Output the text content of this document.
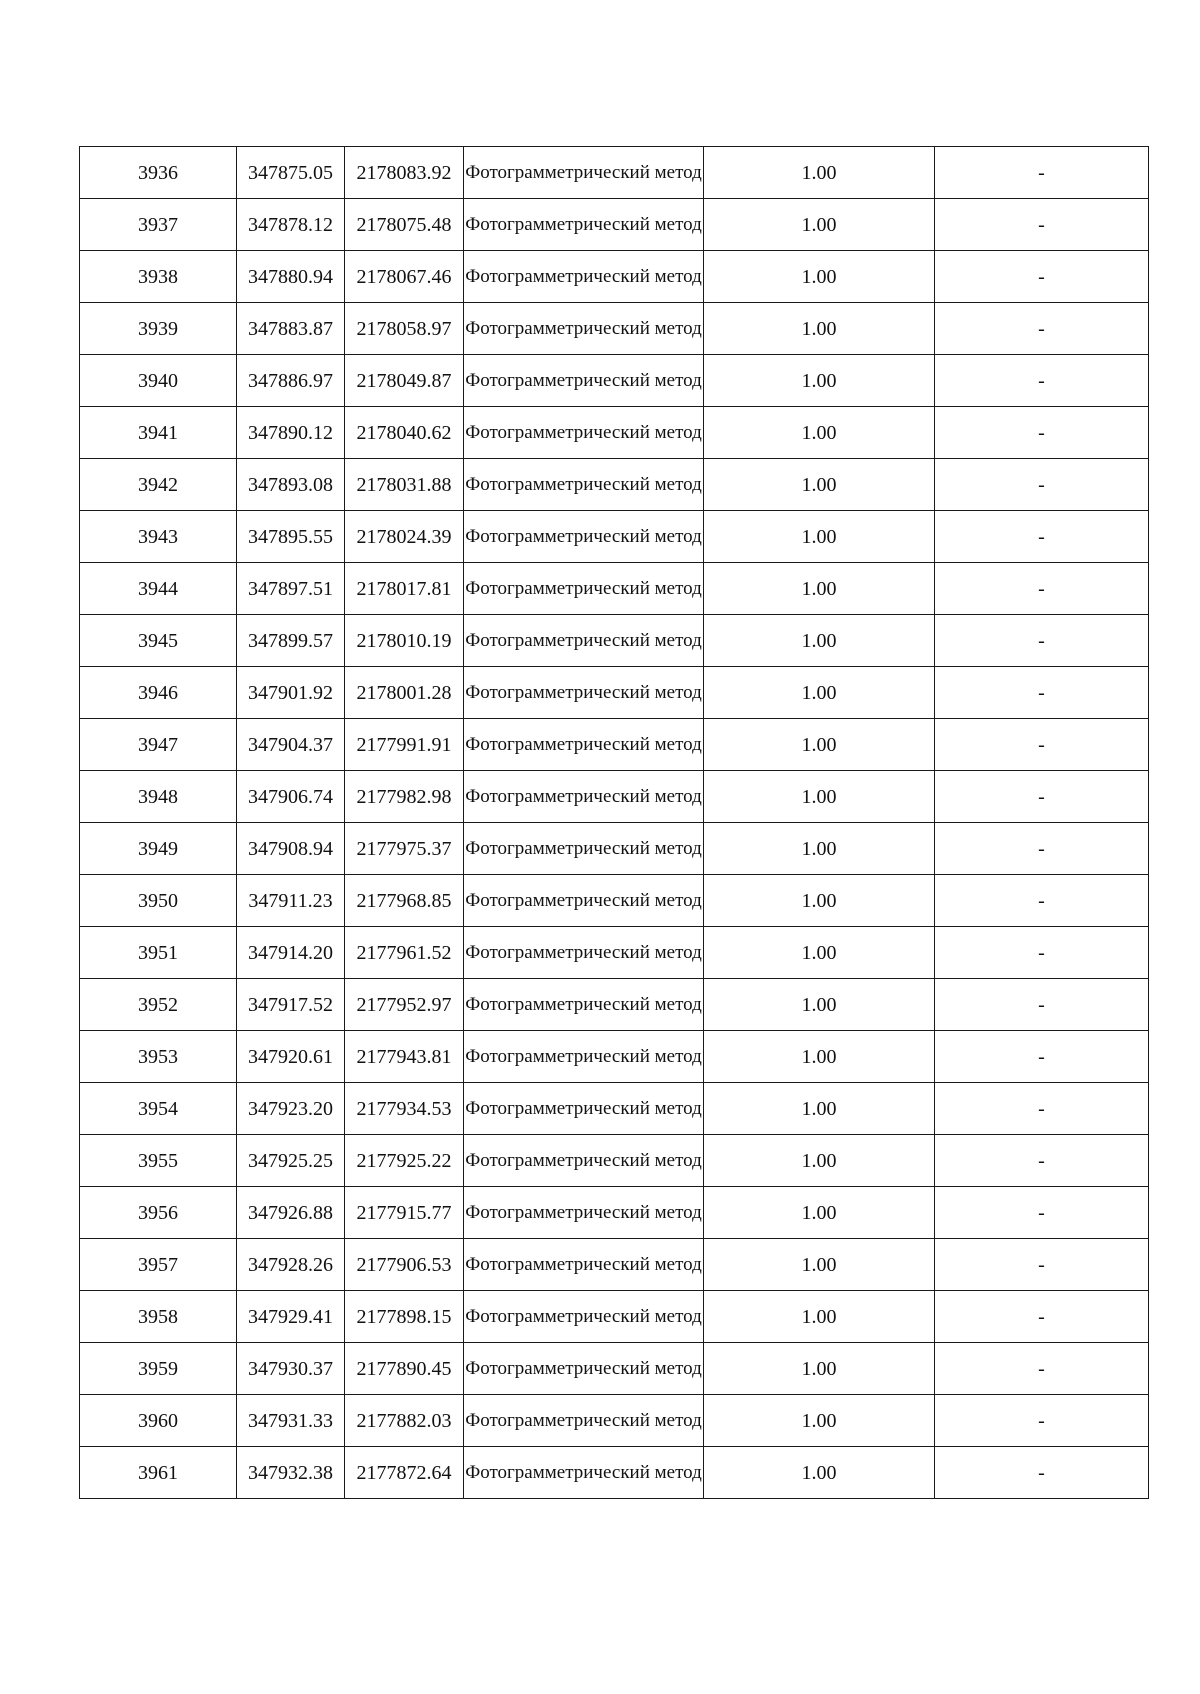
3936	347875.05	2178083.92	Фотограмметрический метод	1.00	-
3937	347878.12	2178075.48	Фотограмметрический метод	1.00	-
3938	347880.94	2178067.46	Фотограмметрический метод	1.00	-
3939	347883.87	2178058.97	Фотограмметрический метод	1.00	-
3940	347886.97	2178049.87	Фотограмметрический метод	1.00	-
3941	347890.12	2178040.62	Фотограмметрический метод	1.00	-
3942	347893.08	2178031.88	Фотограмметрический метод	1.00	-
3943	347895.55	2178024.39	Фотограмметрический метод	1.00	-
3944	347897.51	2178017.81	Фотограмметрический метод	1.00	-
3945	347899.57	2178010.19	Фотограмметрический метод	1.00	-
3946	347901.92	2178001.28	Фотограмметрический метод	1.00	-
3947	347904.37	2177991.91	Фотограмметрический метод	1.00	-
3948	347906.74	2177982.98	Фотограмметрический метод	1.00	-
3949	347908.94	2177975.37	Фотограмметрический метод	1.00	-
3950	347911.23	2177968.85	Фотограмметрический метод	1.00	-
3951	347914.20	2177961.52	Фотограмметрический метод	1.00	-
3952	347917.52	2177952.97	Фотограмметрический метод	1.00	-
3953	347920.61	2177943.81	Фотограмметрический метод	1.00	-
3954	347923.20	2177934.53	Фотограмметрический метод	1.00	-
3955	347925.25	2177925.22	Фотограмметрический метод	1.00	-
3956	347926.88	2177915.77	Фотограмметрический метод	1.00	-
3957	347928.26	2177906.53	Фотограмметрический метод	1.00	-
3958	347929.41	2177898.15	Фотограмметрический метод	1.00	-
3959	347930.37	2177890.45	Фотограмметрический метод	1.00	-
3960	347931.33	2177882.03	Фотограмметрический метод	1.00	-
3961	347932.38	2177872.64	Фотограмметрический метод	1.00	-
